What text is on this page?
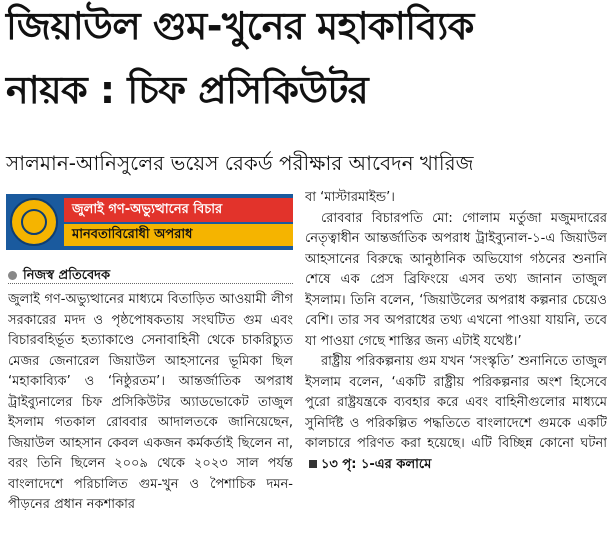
জিয়াউল গুম-খুনের মহাকাব্যিক
নায়ক : চিফ প্রসিকিউটর
সালমান-আনিসুলের ভয়েস রেকর্ড পরীক্ষার আবেদন খারিজ
জুলাই গণ-অভ্যুত্থানের বিচার
মানবতাবিরোধী অপরাধ
নিজস্ব প্রতিবেদক

জুলাই গণ-অভ্যুত্থানের মাধ্যমে বিতাড়িত আওয়ামী লীগ সরকারের মদদ ও পৃষ্ঠপোষকতায় সংঘটিত গুম এবং বিচারবহির্ভূত হত্যাকাণ্ডে সেনাবাহিনী থেকে চাকরিচ্যুত মেজর জেনারেল জিয়াউল আহসানের ভূমিকা ছিল ‘মহাকাব্যিক’ ও ‘নিষ্ঠুরতম’। আন্তর্জাতিক অপরাধ ট্রাইব্যুনালের চিফ প্রসিকিউটর অ্যাডভোকেট তাজুল ইসলাম গতকাল রোববার আদালতকে জানিয়েছেন, জিয়াউল আহসান কেবল একজন কর্মকর্তাই ছিলেন না, বরং তিনি ছিলেন ২০০৯ থেকে ২০২৩ সাল পর্যন্ত বাংলাদেশে পরিচালিত গুম-খুন ও পৈশাচিক দমন-পীড়নের প্রধান নকশাকার

বা ‘মাস্টারমাইন্ড’।

রোববার বিচারপতি মো: গোলাম মর্তুজা মজুমদারের নেতৃত্বাধীন আন্তর্জাতিক অপরাধ ট্রাইব্যুনাল-১-এ জিয়াউল আহসানের বিরুদ্ধে আনুষ্ঠানিক অভিযোগ গঠনের শুনানি শেষে এক প্রেস ব্রিফিংয়ে এসব তথ্য জানান তাজুল ইসলাম। তিনি বলেন, ‘জিয়াউলের অপরাধ কল্পনার চেয়েও বেশি। তার সব অপরাধের তথ্য এখনো পাওয়া যায়নি, তবে যা পাওয়া গেছে শাস্তির জন্য এটাই যথেষ্ট।’

রাষ্ট্রীয় পরিকল্পনায় গুম যখন ‘সংস্কৃতি’ শুনানিতে তাজুল ইসলাম বলেন, ‘একটি রাষ্ট্রীয় পরিকল্পনার অংশ হিসেবে পুরো রাষ্ট্রযন্ত্রকে ব্যবহার করে এবং বাহিনীগুলোর মাধ্যমে সুনির্দিষ্ট ও পরিকল্পিত পদ্ধতিতে বাংলাদেশে গুমকে একটি কালচারে পরিণত করা হয়েছে। এটি বিচ্ছিন্ন কোনো ঘটনা১৩ পৃ: ১-এর কলামে
